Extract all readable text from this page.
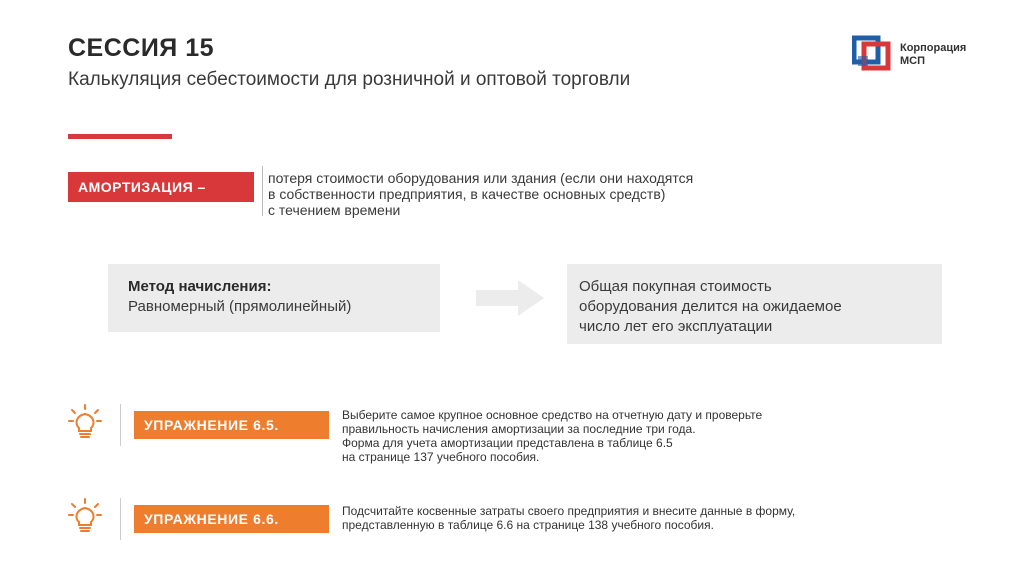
СЕССИЯ 15
Калькуляция себестоимости для розничной и оптовой торговли
Корпорация
МСП
АМОРТИЗАЦИЯ –
потеря стоимости оборудования или здания (если они находятся
в собственности предприятия, в качестве основных средств)
с течением времени
Метод начисления:
Равномерный (прямолинейный)
Общая покупная стоимость
оборудования делится на ожидаемое
число лет его эксплуатации
УПРАЖНЕНИЕ 6.5.
Выберите самое крупное основное средство на отчетную дату и проверьте
правильность начисления амортизации за последние три года.
Форма для учета амортизации представлена в таблице 6.5
на странице 137 учебного пособия.
УПРАЖНЕНИЕ 6.6.	Подсчитайте косвенные затраты своего предприятия и внесите данные в форму,
представленную в таблице 6.6 на странице 138 учебного пособия.
